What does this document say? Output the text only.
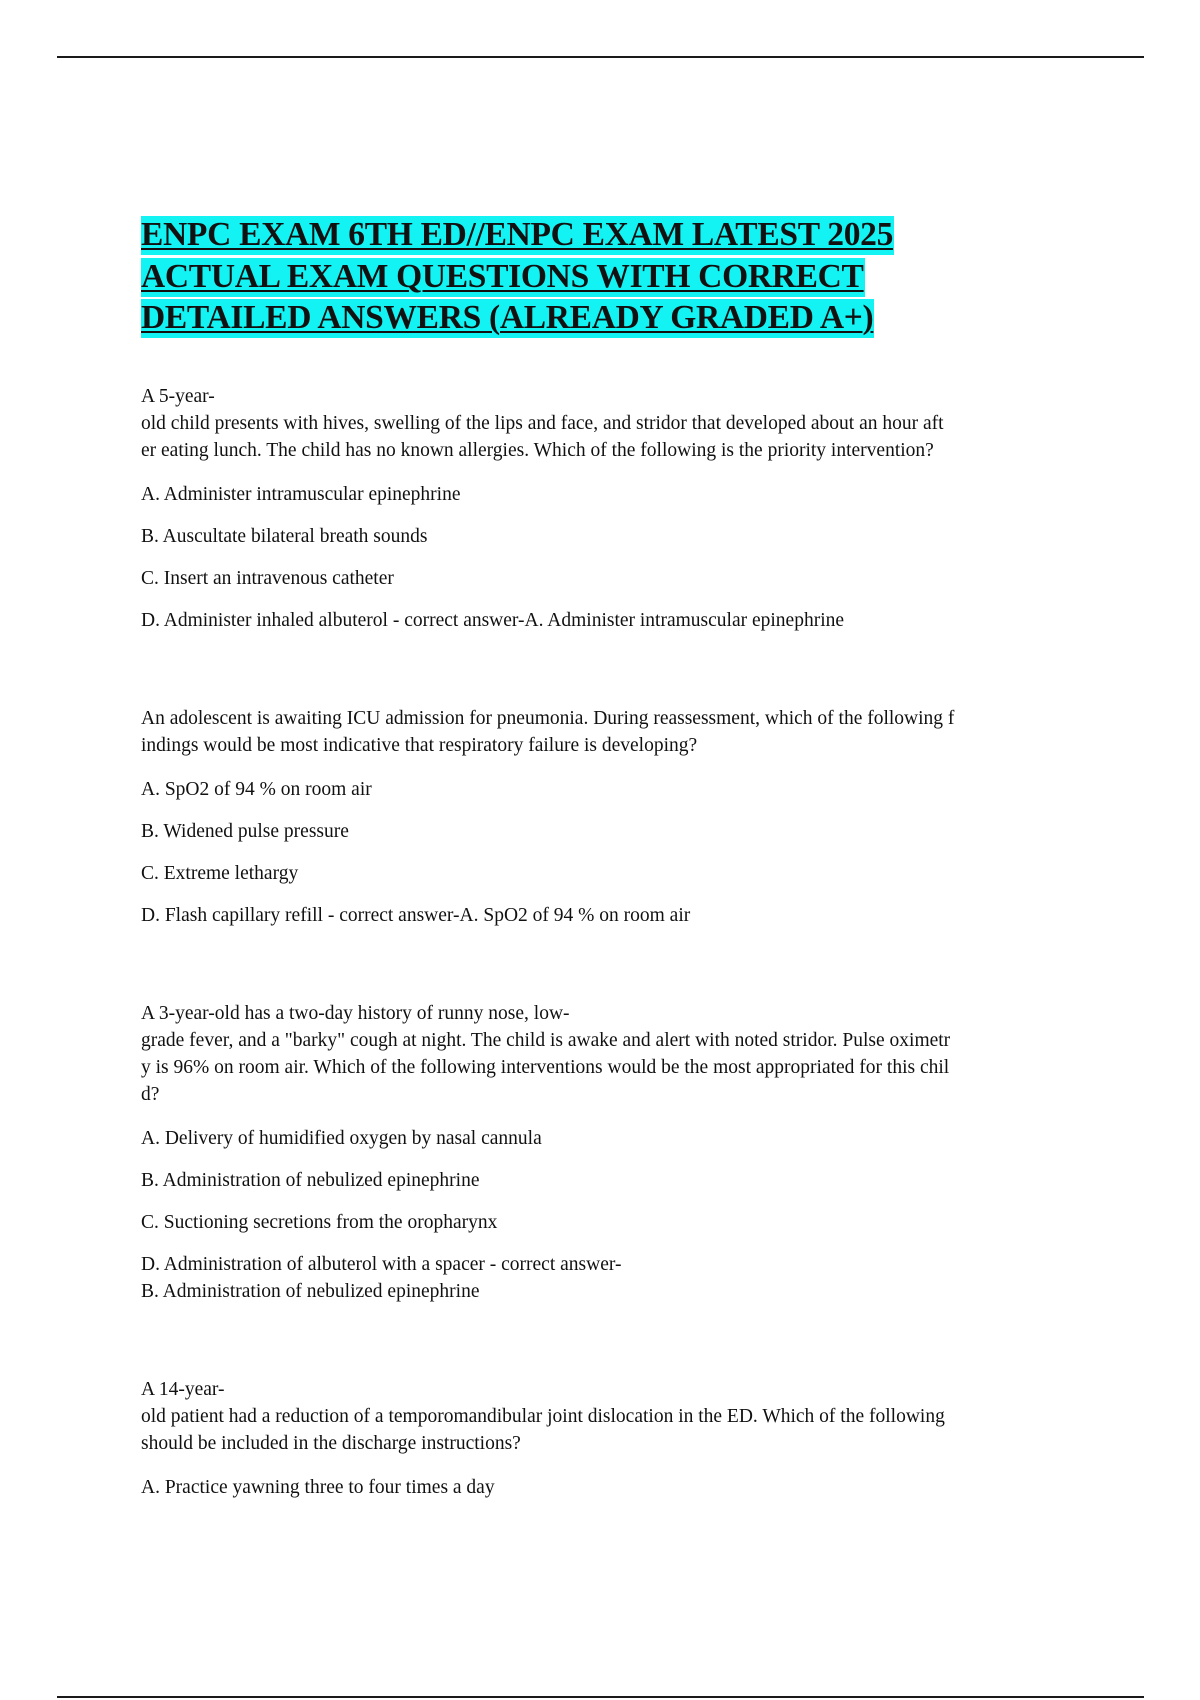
ENPC EXAM 6TH ED//ENPC EXAM LATEST 2025
ACTUAL EXAM QUESTIONS WITH CORRECT
DETAILED ANSWERS (ALREADY GRADED A+)
A 5-year-
old child presents with hives, swelling of the lips and face, and stridor that developed about an hour aft
er eating lunch. The child has no known allergies. Which of the following is the priority intervention?
A. Administer intramuscular epinephrine
B. Auscultate bilateral breath sounds
C. Insert an intravenous catheter
D. Administer inhaled albuterol - correct answer-A. Administer intramuscular epinephrine
An adolescent is awaiting ICU admission for pneumonia. During reassessment, which of the following f
indings would be most indicative that respiratory failure is developing?
A. SpO2 of 94 % on room air
B. Widened pulse pressure
C. Extreme lethargy
D. Flash capillary refill - correct answer-A. SpO2 of 94 % on room air
A 3-year-old has a two-day history of runny nose, low-
grade fever, and a "barky" cough at night. The child is awake and alert with noted stridor. Pulse oximetr
y is 96% on room air. Which of the following interventions would be the most appropriated for this chil
d?
A. Delivery of humidified oxygen by nasal cannula
B. Administration of nebulized epinephrine
C. Suctioning secretions from the oropharynx
D. Administration of albuterol with a spacer - correct answer-
B. Administration of nebulized epinephrine
A 14-year-
old patient had a reduction of a temporomandibular joint dislocation in the ED. Which of the following
should be included in the discharge instructions?
A. Practice yawning three to four times a day
